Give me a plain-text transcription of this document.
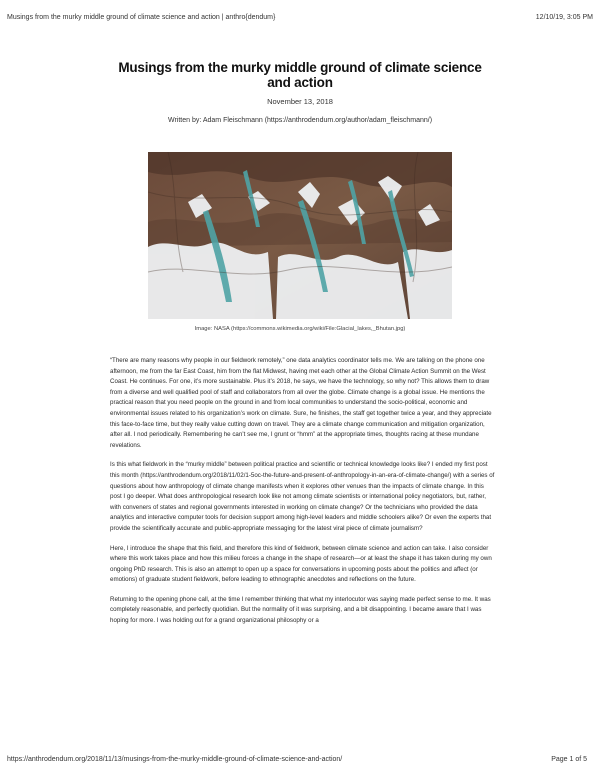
Musings from the murky middle ground of climate science and action | anthro{dendum}	12/10/19, 3:05 PM
Musings from the murky middle ground of climate science and action
November 13, 2018
Written by: Adam Fleischmann (https://anthrodendum.org/author/adam_fleischmann/)
Image: NASA (https://commons.wikimedia.org/wiki/File:Glacial_lakes,_Bhutan.jpg)

“There are many reasons why people in our fieldwork remotely,” one data analytics coordinator tells me. We are talking on the phone one afternoon, me from the far East Coast, him from the flat Midwest, having met each other at the Global Climate Action Summit on the West Coast. He continues. For one, it’s more sustainable. Plus it’s 2018, he says, we have the technology, so why not? This allows them to draw from a diverse and well qualified pool of staff and collaborators from all over the globe. Climate change is a global issue. He mentions the practical reason that you need people on the ground in and from local communities to understand the socio-political, economic and environmental issues related to his organization’s work on climate. Sure, he finishes, the staff get together twice a year, and they appreciate this face-to-face time, but they really value cutting down on travel. They are a climate change communication and mitigation organization, after all. I nod periodically. Remembering he can’t see me, I grunt or “hmm” at the appropriate times, thoughts racing at these mundane revelations.

Is this what fieldwork in the “murky middle” between political practice and scientific or technical knowledge looks like? I ended my first post this month (https://anthrodendum.org/2018/11/02/1-5oc-the-future-and-present-of-anthropology-in-an-era-of-climate-change/) with a series of questions about how anthropology of climate change manifests when it explores other venues than the impacts of climate change. In this post I go deeper. What does anthropological research look like not among climate scientists or international policy negotiators, but, rather, with conveners of states and regional governments interested in working on climate change? Or the technicians who provided the data analytics and interactive computer tools for decision support among high-level leaders and middle schoolers alike? Or even the experts that provide the scientifically accurate and public-appropriate messaging for the latest viral piece of climate journalism?

Here, I introduce the shape that this field, and therefore this kind of fieldwork, between climate science and action can take. I also consider where this work takes place and how this milieu forces a change in the shape of research—or at least the shape it has taken during my own ongoing PhD research. This is also an attempt to open up a space for conversations in upcoming posts about the politics and affect (or emotions) of graduate student fieldwork, before leading to ethnographic anecdotes and reflections on the future.

Returning to the opening phone call, at the time I remember thinking that what my interlocutor was saying made perfect sense to me. It was completely reasonable, and perfectly quotidian. But the normality of it was surprising, and a bit disappointing. I became aware that I was hoping for more. I was holding out for a grand organizational philosophy or a

https://anthrodendum.org/2018/11/13/musings-from-the-murky-middle-ground-of-climate-science-and-action/	Page 1 of 5
